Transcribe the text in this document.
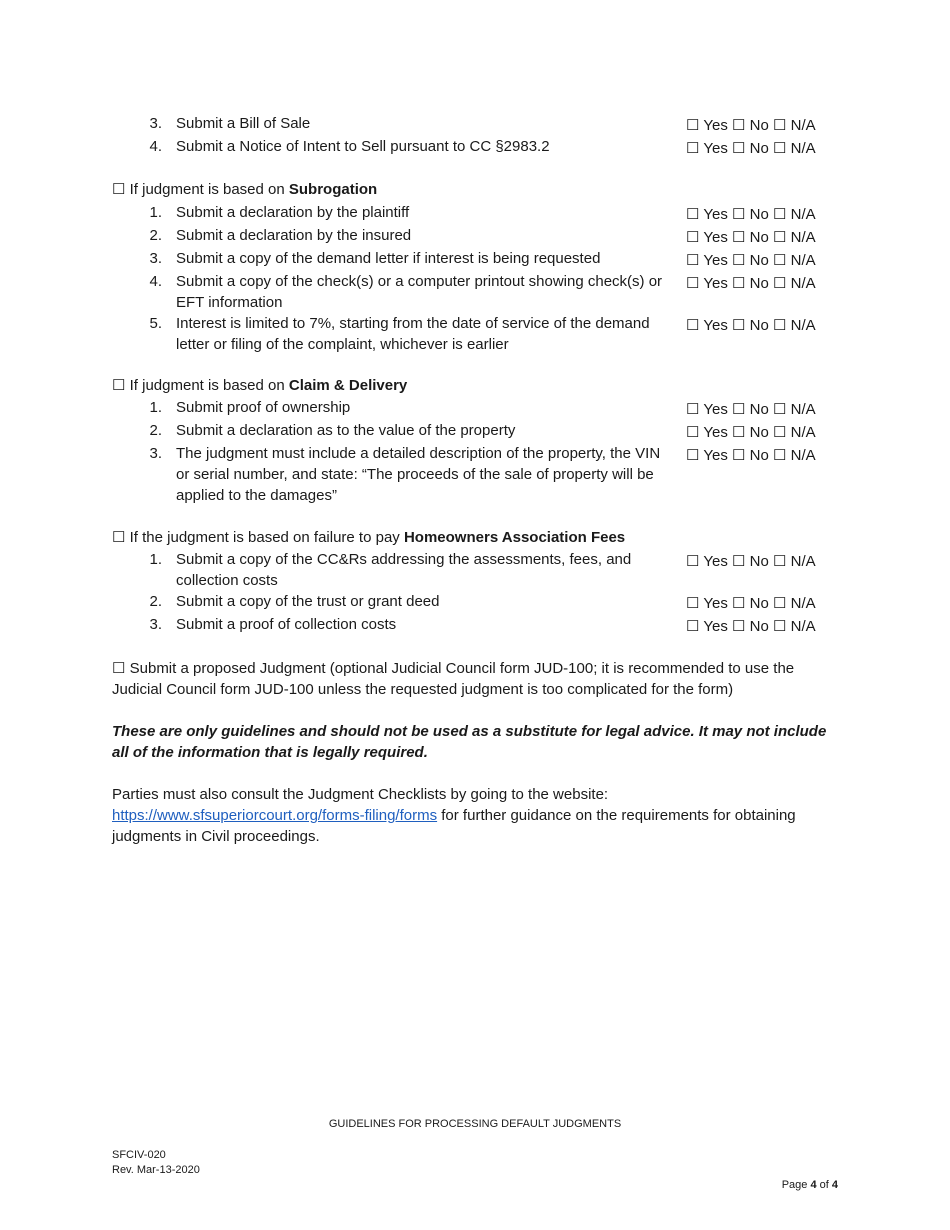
3. Submit a Bill of Sale	☐ Yes ☐ No ☐ N/A
4. Submit a Notice of Intent to Sell pursuant to CC §2983.2	☐ Yes ☐ No ☐ N/A
☐ If judgment is based on Subrogation
1. Submit a declaration by the plaintiff	☐ Yes ☐ No ☐ N/A
2. Submit a declaration by the insured	☐ Yes ☐ No ☐ N/A
3. Submit a copy of the demand letter if interest is being requested	☐ Yes ☐ No ☐ N/A
4. Submit a copy of the check(s) or a computer printout showing check(s) or EFT information
☐ Yes ☐ No ☐ N/A
5. Interest is limited to 7%, starting from the date of service of the demand letter or filing of the complaint, whichever is earlier
☐ Yes ☐ No ☐ N/A
☐ If judgment is based on Claim & Delivery
1. Submit proof of ownership	☐ Yes ☐ No ☐ N/A
2. Submit a declaration as to the value of the property	☐ Yes ☐ No ☐ N/A
3. The judgment must include a detailed description of the property, the VIN or serial number, and state: “The proceeds of the sale of property will be applied to the damages”
☐ Yes ☐ No ☐ N/A
☐ If the judgment is based on failure to pay Homeowners Association Fees
1. Submit a copy of the CC&Rs addressing the assessments, fees, and collection costs
☐ Yes ☐ No ☐ N/A
2. Submit a copy of the trust or grant deed	☐ Yes ☐ No ☐ N/A
3. Submit a proof of collection costs	☐ Yes ☐ No ☐ N/A
☐ Submit a proposed Judgment (optional Judicial Council form JUD-100; it is recommended to use the Judicial Council form JUD-100 unless the requested judgment is too complicated for the form)
These are only guidelines and should not be used as a substitute for legal advice. It may not include all of the information that is legally required.
Parties must also consult the Judgment Checklists by going to the website:
https://www.sfsuperiorcourt.org/forms-filing/forms for further guidance on the requirements for obtaining judgments in Civil proceedings.
GUIDELINES FOR PROCESSING DEFAULT JUDGMENTS
SFCIV-020
Rev. Mar-13-2020
Page 4 of 4
